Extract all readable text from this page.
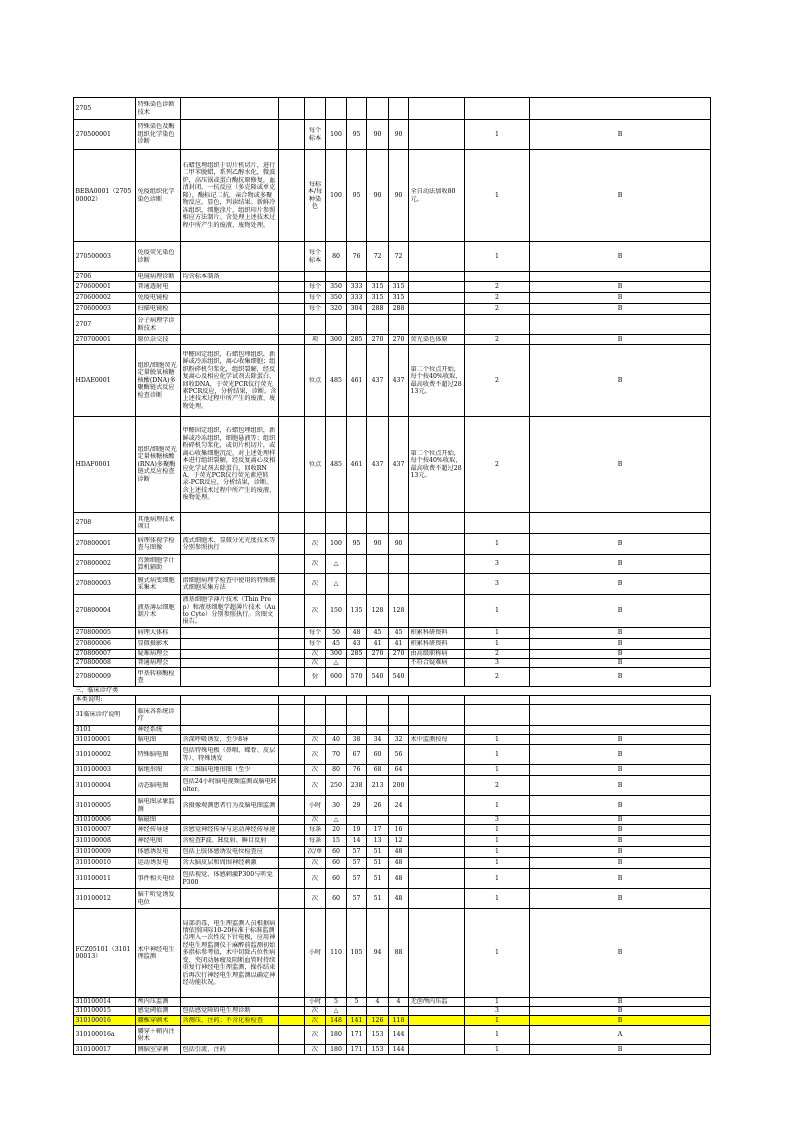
2705	特殊染色诊断技术										

270500001	特殊染色及酶组织化学染色诊断			每个标本	100	95	90	90		1	B

BEBA0001（270500002）	免疫组织化学染色诊断	石蜡包埋组织于切片机切片，进行二甲苯脱蜡，系列乙醇水化，微波炉，高压锅或蛋白酶抗原修复，血清封闭，一抗反应（多克隆或单克隆），酶标记二抗，亲合物或多聚物反应，显色，判读结果。新鲜冷冻组织，细胞涂片，组织印片参照相应方法制片。含处理上述技术过程中所产生的废液、废物处理。		每标本/每种染色	100	95	90	90	全自动法加收80元。	1	B

270500003	免疫荧光染色诊断			每个标本	80	76	72	72		1	B

2706	电镜病理诊断	均含标本制备									

270600001	普通透射电			每个	350	333	315	315		2	B

270600002	免疫电镜检			每个	350	333	315	315		2	B

270600003	扫描电镜检			每个	320	304	288	288		2	B

2707	分子病理学诊断技术										

270700001	原位杂交技			项	300	285	270	270	荧光染色体原	2	B

HDAE0001	组织/细胞荧光定量脱氧核糖核酸(DNA)多聚酶链式反应检查诊断	甲醛固定组织，石蜡包埋组织，新鲜或冷冻组织，离心收集细胞；组织粉碎机匀浆化，组织裂解，经反复离心及相应化学试剂去除蛋白，回收DNA，于荧光PCR仪行荧光素PCR反应，分析结果，诊断。含上述技术过程中所产生的废液、废物处理。		位点	485	461	437	437	第二个位点开始，每个按40%收取，最高收费不超过2813元。	2	B

HDAF0001	组织/细胞荧光定量核糖核酸(RNA)多聚酶链式反应检查诊断	甲醛固定组织，石蜡包埋组织，新鲜或冷冻组织，细胞悬液等；组织粉碎机匀浆化，或切片机切片，或离心收集细胞沉淀，对上述处理样本进行组织裂解，经反复离心及相应化学试剂去除蛋白，回收RNA，于荧光PCR仪行荧光素逆转录-PCR反应，分析结果，诊断。含上述技术过程中所产生的废液、废物处理。		位点	485	461	437	437	第二个位点开始，每个按40%收取，最高收费不超过2813元。	2	B

2708	其他病理技术项目										

270800001	病理体视学检查与图像	流式细胞术、显微分光光度技术等分别参照执行		次	100	95	90	90		1	B

270800002	宫颈细胞学计算机辅助			次	△					3	B

270800003	膜式病变细胞采集术	指细胞病理学检查中使用的特殊膜式细胞采集方法		次	△					3	B

270800004	液基薄层细胞制片术	液基细胞学薄片技术（Thin Prep）和液基细胞学超薄片技术（Auto Cyte）分别参照执行。含图文报告。		次	150	135	128	128		1	B

270800005	病理大体标			每个	50	48	45	45	积累科研资料	1	B

270800006	显微摄影术			每个	45	43	41	41	积累科研资料	1	B

270800007	疑难病理会			次	300	285	270	270	由高级职称病	2	B

270800008	普通病理会			次	△				不符合疑难病	3	B

270800009	甲基转移酶检查			份	600	570	540	540		2	B

三、临床诊疗类											

本类说明:											

31临床诊疗说明	临床各系统诊疗										

3101	神经系统										

310100001	脑电图	含深呼吸诱发，至少8导		次	40	38	34	32	术中监测按每	1	B

310100002	特殊脑电图	包括特殊电极（鼻咽、蝶骨、皮层等）、特殊诱发		次	70	67	60	56		1	B

310100003	脑地形图	含二维脑电地形图（至少		次	80	76	68	64		1	B

310100004	动态脑电图	包括24小时脑电视频监测或脑电Holter。		次	250	238	213	200		2	B

310100005	脑电图录象监测	含摄像观测患者行为及脑电图监测		小时	30	29	26	24		1	B

310100006	脑磁图			次	△					3	B

310100007	神经传导速	含感觉神经传导与运动神经传导速		每条	20	19	17	16		1	B

310100008	神经电图	含检查F波、H反射、瞬目反射		每条	15	14	13	12		1	B

310100009	体感诱发电	包括上肢体感诱发电位检查应		次/单	60	57	51	48		1	B

310100010	运动诱发电	含大脑皮层和周围神经刺激		次	60	57	51	48		1	B

310100011	事件相关电位	包括视觉、体感刺激P300与听觉P300		次	60	57	51	48		1	B

310100012	脑干听觉诱发电位			次	60	57	51	48		1	B

FCZ05101（310100013）	术中神经电生理监测	局部消毒，电生理监测人员根据病情依照国际10-20标准于标准监测点埋入一次性皮下针电极，应用神经电生理监测仪于麻醉前监测初始多指标参考值，术中切除占位性病变、夹闭动脉瘤及阻断血管时持续重复行神经电生理监测，操作结束后再次行神经电生理监测以确定神经功能状况。		小时	110	105	94	88		1	B

310100014	颅内压监测			小时	5	5	4	4	无创颅内压监	1	B

310100015	感觉阈值测	包括感觉障碍电生理诊断		次	△					3	B

310100016	腰椎穿刺术	含测压、注药；不含化验检查		次	148	141	126	118		1	B

310100016a	腰穿＋鞘内注射术			次	180	171	153	144		1	A

310100017	侧脑室穿刺	包括引流、注药		次	180	171	153	144		1	B
